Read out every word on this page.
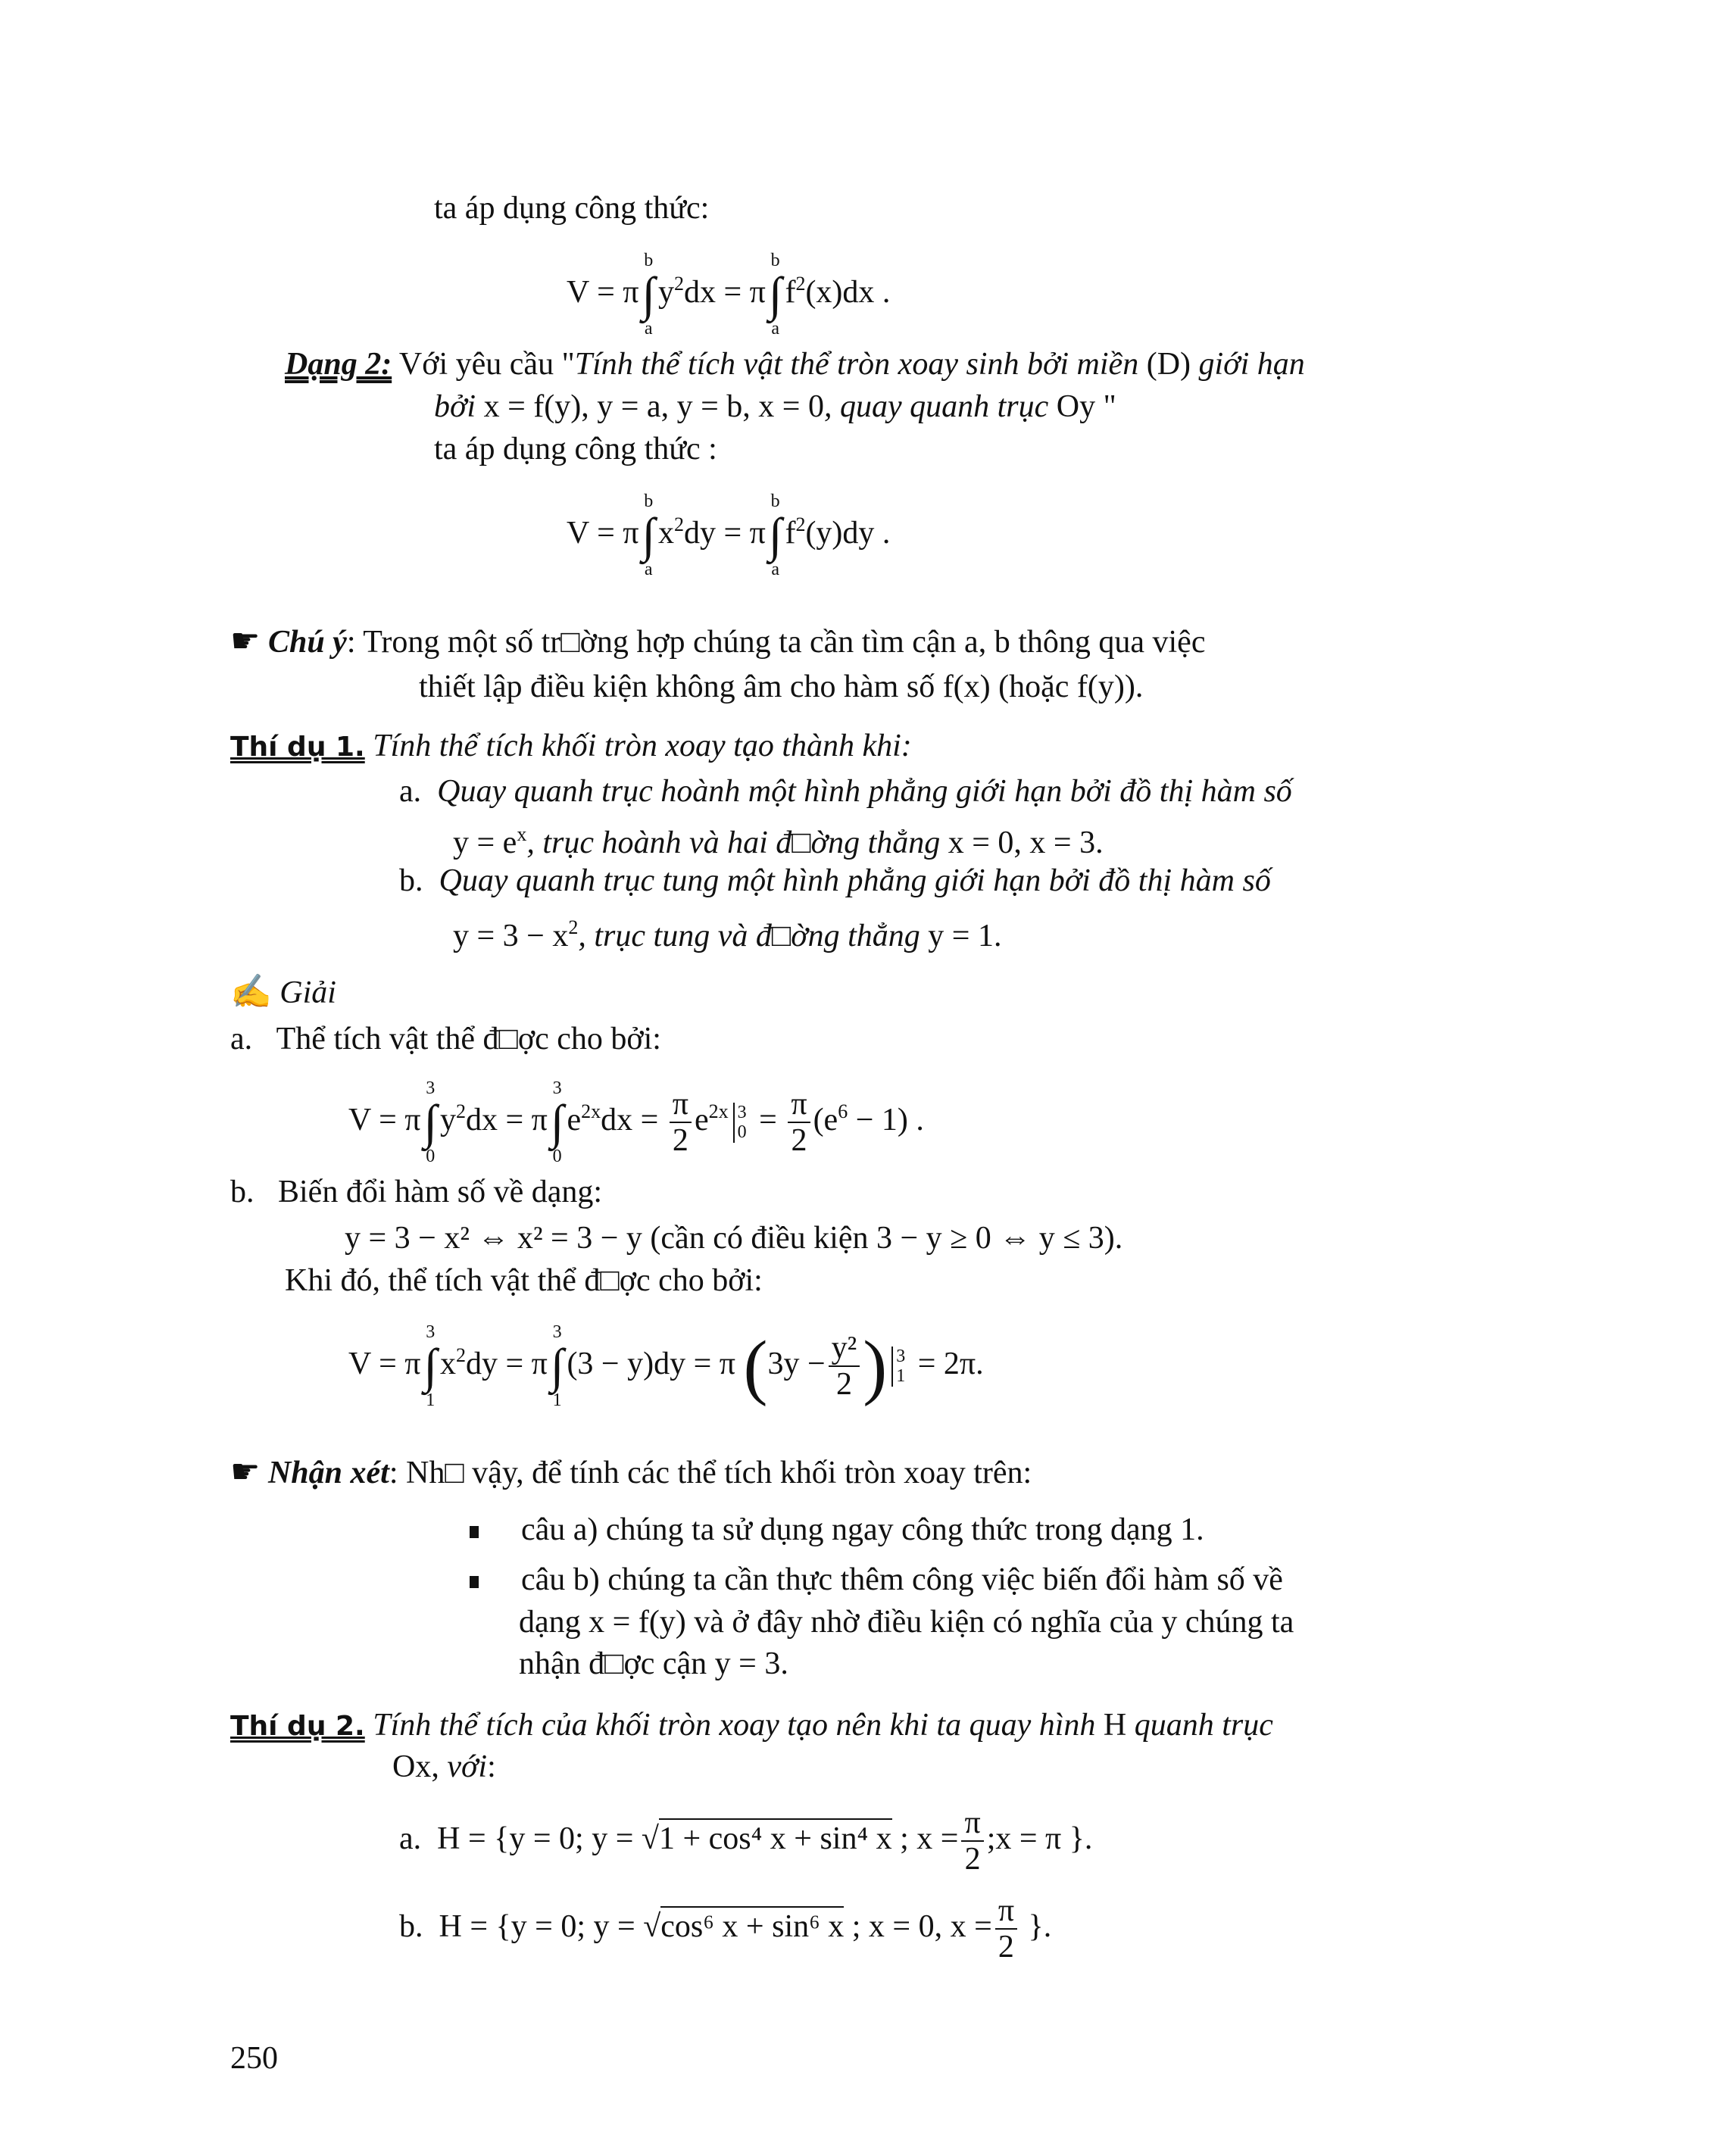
ta áp dụng công thức:
V = π
b
∫
a
$y^2dx = \pi$
b
∫
a
$f^2(x)dx$ .
Dạng 2: Với yêu cầu "Tính thể tích vật thể tròn xoay sinh bởi miền (D) giới hạn
bởi x = f(y), y = a, y = b, x = 0, quay quanh trục Oy "
ta áp dụng công thức :
V = π
b
∫
a
$x^2dy = \pi$
b
∫
a
$f^2(y)dy$ .
☛ Chú ý: Trong một số tr□ờng hợp chúng ta cần tìm cận a, b thông qua việc
thiết lập điều kiện không âm cho hàm số f(x) (hoặc f(y)).
Thí dụ 1. Tính thể tích khối tròn xoay tạo thành khi:
a. Quay quanh trục hoành một hình phẳng giới hạn bởi đồ thị hàm số
$y = e^x$, trục hoành và hai đ□ờng thẳng x = 0, x = 3.
b. Quay quanh trục tung một hình phẳng giới hạn bởi đồ thị hàm số
$y = 3 - x^2$, trục tung và đ□ờng thẳng y = 1.
✍ Giải
a. Thể tích vật thể đ□ợc cho bởi:
V = π
3
∫
0
$y^2dx = \pi$
3
∫
0
$e^{2x}dx = \frac{\pi}{2} e^{2x}$ 3
$0 = \frac{\pi}{2} (e^6 - 1)$ .
b. Biến đổi hàm số về dạng:
y = 3 − x² ⇔ x² = 3 − y (cần có điều kiện 3 − y ≥ 0 ⇔ y ≤ 3).
Khi đó, thể tích vật thể đ□ợc cho bởi:
V = π
3
∫
1
$x^2dy = \pi$
3
∫
1
(3 − y)dy = π ($3y - \frac{\text{y²}}{2}$ ) 3
1 = 2π.
☛ Nhận xét: Nh□ vậy, để tính các thể tích khối tròn xoay trên:
câu a) chúng ta sử dụng ngay công thức trong dạng 1.
câu b) chúng ta cần thực thêm công việc biến đổi hàm số về
dạng x = f(y) và ở đây nhờ điều kiện có nghĩa của y chúng ta
nhận đ□ợc cận y = 3.
Thí dụ 2. Tính thể tích của khối tròn xoay tạo nên khi ta quay hình H quanh trục
Ox, với:
a. H = {y = 0; y = √1 + cos⁴ x + sin⁴ x ; $x = \frac{\pi}{2}$ ;x = π }.
b. H = {y = 0; y = √cos⁶ x + sin⁶ x ; x = 0, $x = \frac{\pi}{2}$ }.
250
